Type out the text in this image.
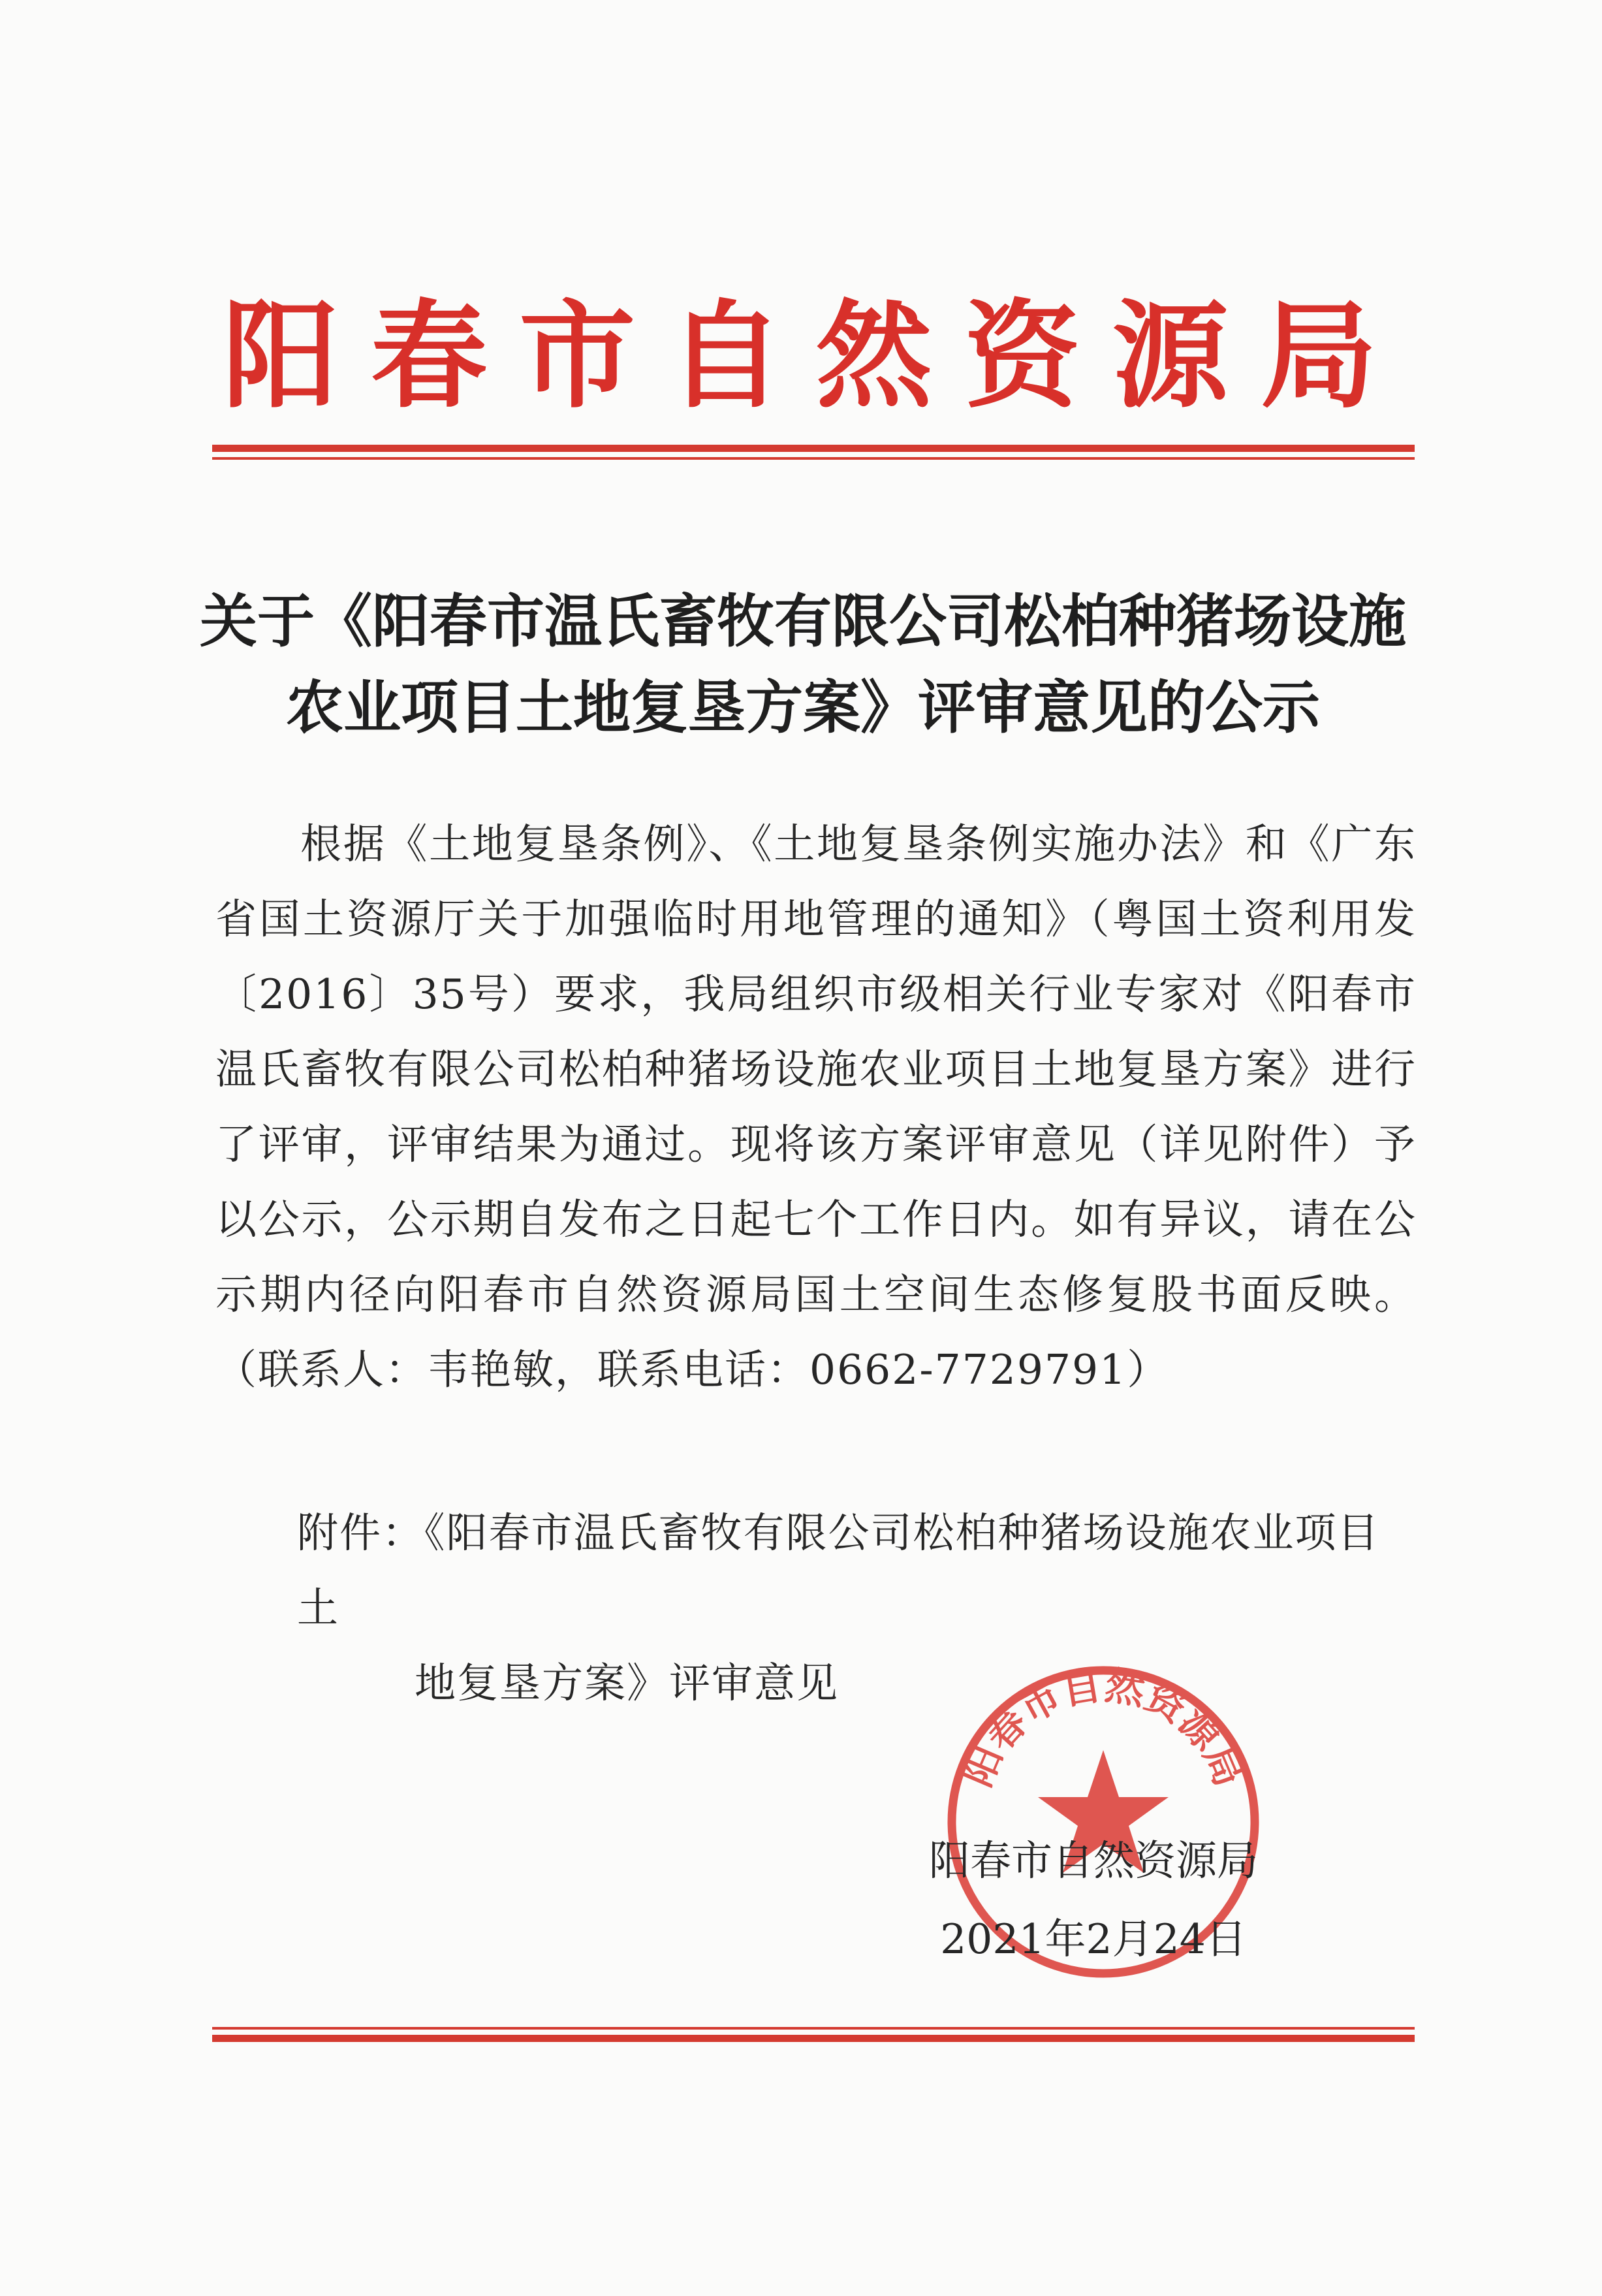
阳 春 市 自 然 资 源 局
关于《阳春市温氏畜牧有限公司松柏种猪场设施农业项目土地复垦方案》评审意见的公示
根据《土地复垦条例》、《土地复垦条例实施办法》和《广东省国土资源厅关于加强临时用地管理的通知》（粤国土资利用发〔2016〕35号）要求，我局组织市级相关行业专家对《阳春市温氏畜牧有限公司松柏种猪场设施农业项目土地复垦方案》进行了评审，评审结果为通过。现将该方案评审意见（详见附件）予以公示，公示期自发布之日起七个工作日内。如有异议，请在公示期内径向阳春市自然资源局国土空间生态修复股书面反映。（联系人：韦艳敏，联系电话：0662-7729791）
附件：《阳春市温氏畜牧有限公司松柏种猪场设施农业项目土
地复垦方案》评审意见
阳春市自然资源局
阳春市自然资源局
2021年2月24日
